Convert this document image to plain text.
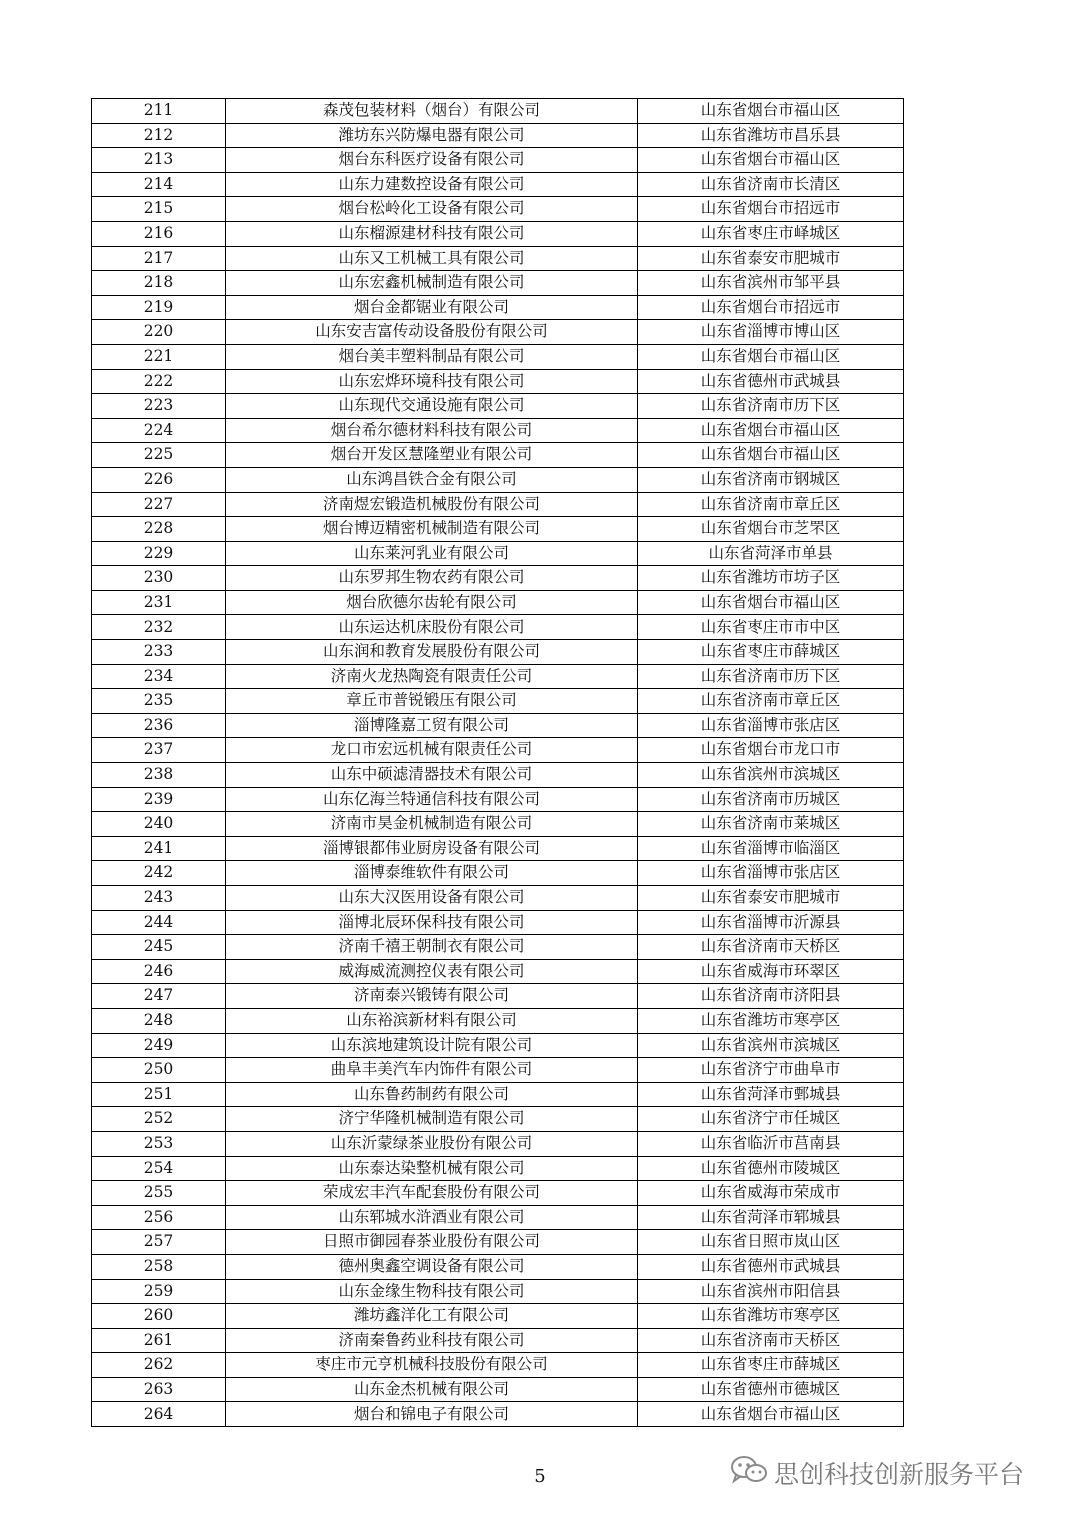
211	森茂包装材料（烟台）有限公司	山东省烟台市福山区
212	潍坊东兴防爆电器有限公司	山东省潍坊市昌乐县
213	烟台东科医疗设备有限公司	山东省烟台市福山区
214	山东力建数控设备有限公司	山东省济南市长清区
215	烟台松岭化工设备有限公司	山东省烟台市招远市
216	山东榴源建材科技有限公司	山东省枣庄市峄城区
217	山东又工机械工具有限公司	山东省泰安市肥城市
218	山东宏鑫机械制造有限公司	山东省滨州市邹平县
219	烟台金都锯业有限公司	山东省烟台市招远市
220	山东安吉富传动设备股份有限公司	山东省淄博市博山区
221	烟台美丰塑料制品有限公司	山东省烟台市福山区
222	山东宏烨环境科技有限公司	山东省德州市武城县
223	山东现代交通设施有限公司	山东省济南市历下区
224	烟台希尔德材料科技有限公司	山东省烟台市福山区
225	烟台开发区慧隆塑业有限公司	山东省烟台市福山区
226	山东鸿昌铁合金有限公司	山东省济南市钢城区
227	济南煜宏锻造机械股份有限公司	山东省济南市章丘区
228	烟台博迈精密机械制造有限公司	山东省烟台市芝罘区
229	山东莱河乳业有限公司	山东省菏泽市单县
230	山东罗邦生物农药有限公司	山东省潍坊市坊子区
231	烟台欣德尔齿轮有限公司	山东省烟台市福山区
232	山东运达机床股份有限公司	山东省枣庄市市中区
233	山东润和教育发展股份有限公司	山东省枣庄市薛城区
234	济南火龙热陶瓷有限责任公司	山东省济南市历下区
235	章丘市普锐锻压有限公司	山东省济南市章丘区
236	淄博隆嘉工贸有限公司	山东省淄博市张店区
237	龙口市宏远机械有限责任公司	山东省烟台市龙口市
238	山东中硕滤清器技术有限公司	山东省滨州市滨城区
239	山东亿海兰特通信科技有限公司	山东省济南市历城区
240	济南市昊金机械制造有限公司	山东省济南市莱城区
241	淄博银都伟业厨房设备有限公司	山东省淄博市临淄区
242	淄博泰维软件有限公司	山东省淄博市张店区
243	山东大汉医用设备有限公司	山东省泰安市肥城市
244	淄博北辰环保科技有限公司	山东省淄博市沂源县
245	济南千禧王朝制衣有限公司	山东省济南市天桥区
246	威海威流测控仪表有限公司	山东省威海市环翠区
247	济南泰兴锻铸有限公司	山东省济南市济阳县
248	山东裕滨新材料有限公司	山东省潍坊市寒亭区
249	山东滨地建筑设计院有限公司	山东省滨州市滨城区
250	曲阜丰美汽车内饰件有限公司	山东省济宁市曲阜市
251	山东鲁药制药有限公司	山东省菏泽市鄄城县
252	济宁华隆机械制造有限公司	山东省济宁市任城区
253	山东沂蒙绿茶业股份有限公司	山东省临沂市莒南县
254	山东泰达染整机械有限公司	山东省德州市陵城区
255	荣成宏丰汽车配套股份有限公司	山东省威海市荣成市
256	山东郓城水浒酒业有限公司	山东省菏泽市郓城县
257	日照市御园春茶业股份有限公司	山东省日照市岚山区
258	德州奥鑫空调设备有限公司	山东省德州市武城县
259	山东金缘生物科技有限公司	山东省滨州市阳信县
260	潍坊鑫洋化工有限公司	山东省潍坊市寒亭区
261	济南秦鲁药业科技有限公司	山东省济南市天桥区
262	枣庄市元亨机械科技股份有限公司	山东省枣庄市薛城区
263	山东金杰机械有限公司	山东省德州市德城区
264	烟台和锦电子有限公司	山东省烟台市福山区
5	思创科技创新服务平台
